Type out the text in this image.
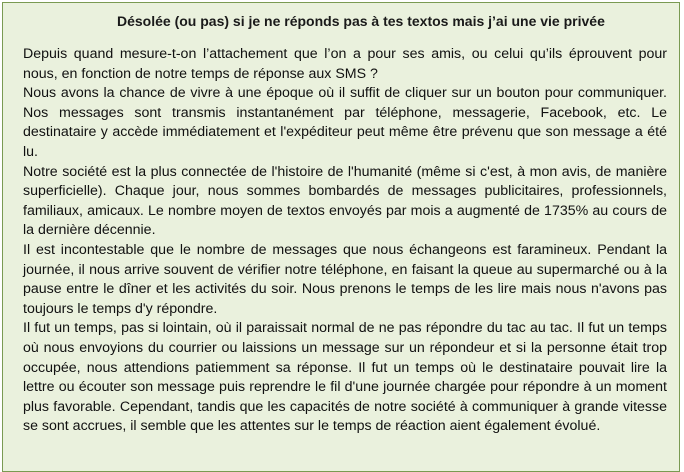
Désolée (ou pas) si je ne réponds pas à tes textos mais j’ai une vie privée

Depuis quand mesure-t-on l’attachement que l’on a pour ses amis, ou celui qu’ils éprouvent pour nous, en fonction de notre temps de réponse aux SMS ?

Nous avons la chance de vivre à une époque où il suffit de cliquer sur un bouton pour communiquer. Nos messages sont transmis instantanément par téléphone, messagerie, Facebook, etc. Le destinataire y accède immédiatement et l'expéditeur peut même être prévenu que son message a été lu.

Notre société est la plus connectée de l'histoire de l'humanité (même si c'est, à mon avis, de manière superficielle). Chaque jour, nous sommes bombardés de messages publicitaires, professionnels, familiaux, amicaux. Le nombre moyen de textos envoyés par mois a augmenté de 1735% au cours de la dernière décennie.

Il est incontestable que le nombre de messages que nous échangeons est faramineux. Pendant la journée, il nous arrive souvent de vérifier notre téléphone, en faisant la queue au supermarché ou à la pause entre le dîner et les activités du soir. Nous prenons le temps de les lire mais nous n'avons pas toujours le temps d'y répondre.

Il fut un temps, pas si lointain, où il paraissait normal de ne pas répondre du tac au tac. Il fut un temps où nous envoyions du courrier ou laissions un message sur un répondeur et si la personne était trop occupée, nous attendions patiemment sa réponse. Il fut un temps où le destinataire pouvait lire la lettre ou écouter son message puis reprendre le fil d'une journée chargée pour répondre à un moment plus favorable. Cependant, tandis que les capacités de notre société à communiquer à grande vitesse se sont accrues, il semble que les attentes sur le temps de réaction aient également évolué.
